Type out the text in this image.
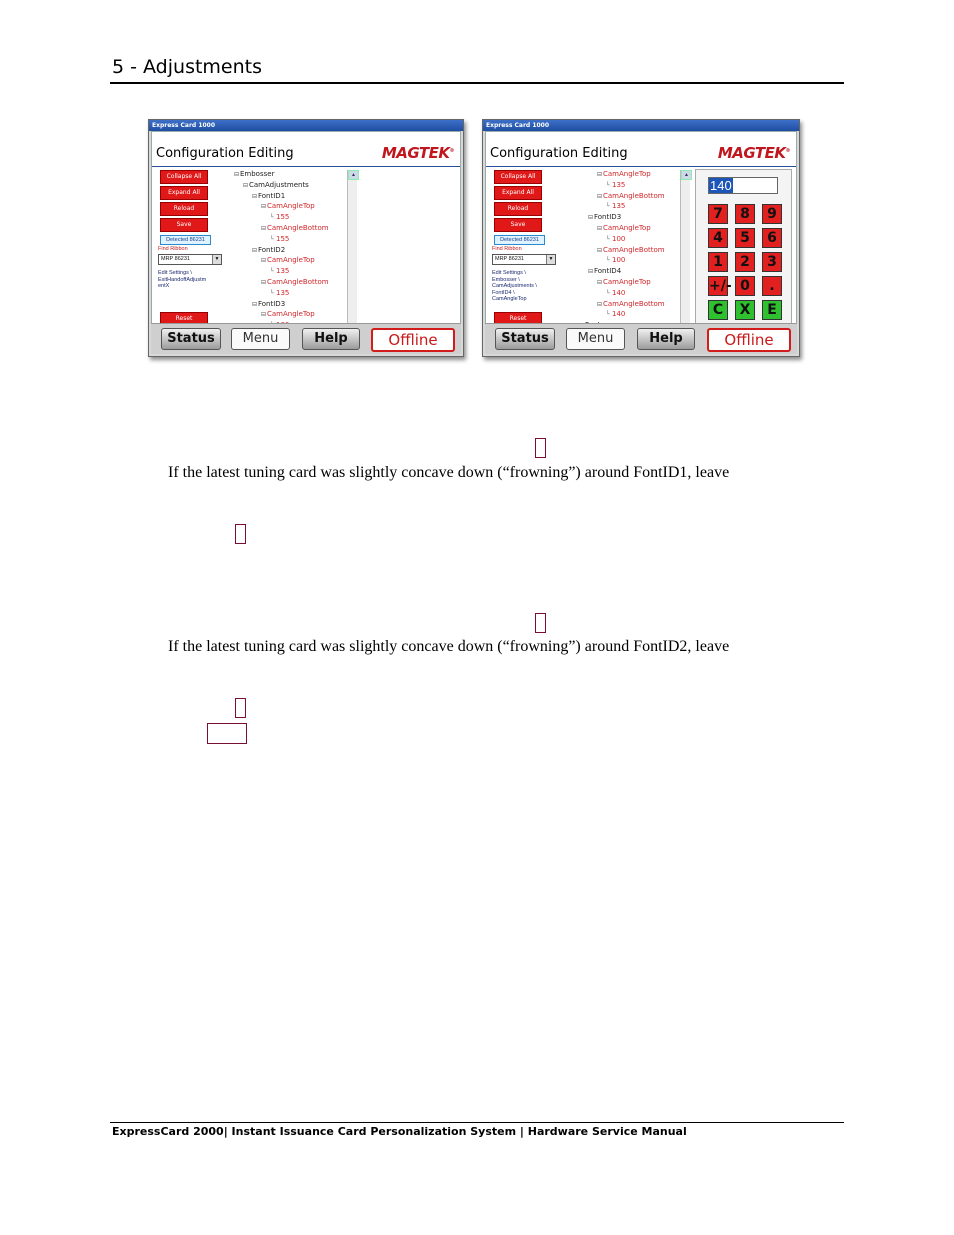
5 - Adjustments
Express Card 1000
Configuration Editing	MAGTEK®
Collapse All
Expand All
Reload
Save
Detected 86231
Find Ribbon
MRP 86231	▼
Edit Settings \
ExitHandoffAdjustm
entX
Reset
⊟Embosser
⊟CamAdjustments
⊟FontID1
⊟CamAngleTop
└ 155
⊟CamAngleBottom
└ 155
⊟FontID2
⊟CamAngleTop
└ 135
⊟CamAngleBottom
└ 135
⊟FontID3
⊟CamAngleTop
▲
Status	Menu	Help	Offline
Express Card 1000
Configuration Editing	MAGTEK®
Collapse All
Expand All
Reload
Save
Detected 86231
Find Ribbon
MRP 86231	▼
Edit Settings \
Embosser \
CamAdjustments \
FontID4 \
CamAngleTop
Reset
⊟CamAngleTop
└ 135
⊟CamAngleBottom
└ 135
⊟FontID3
⊟CamAngleTop
└ 100
⊟CamAngleBottom
└ 100
⊟FontID4
⊟CamAngleTop
└ 140
⊟CamAngleBottom
└ 140
▲
140
7	8	9
4	5	6
1	2	3
+/- 0	.
C	X	E
Status	Menu	Help	Offline
If the latest tuning card was slightly concave down (“frowning”) around FontID1, leave
If the latest tuning card was slightly concave down (“frowning”) around FontID2, leave
ExpressCard 2000| Instant Issuance Card Personalization System | Hardware Service Manual
